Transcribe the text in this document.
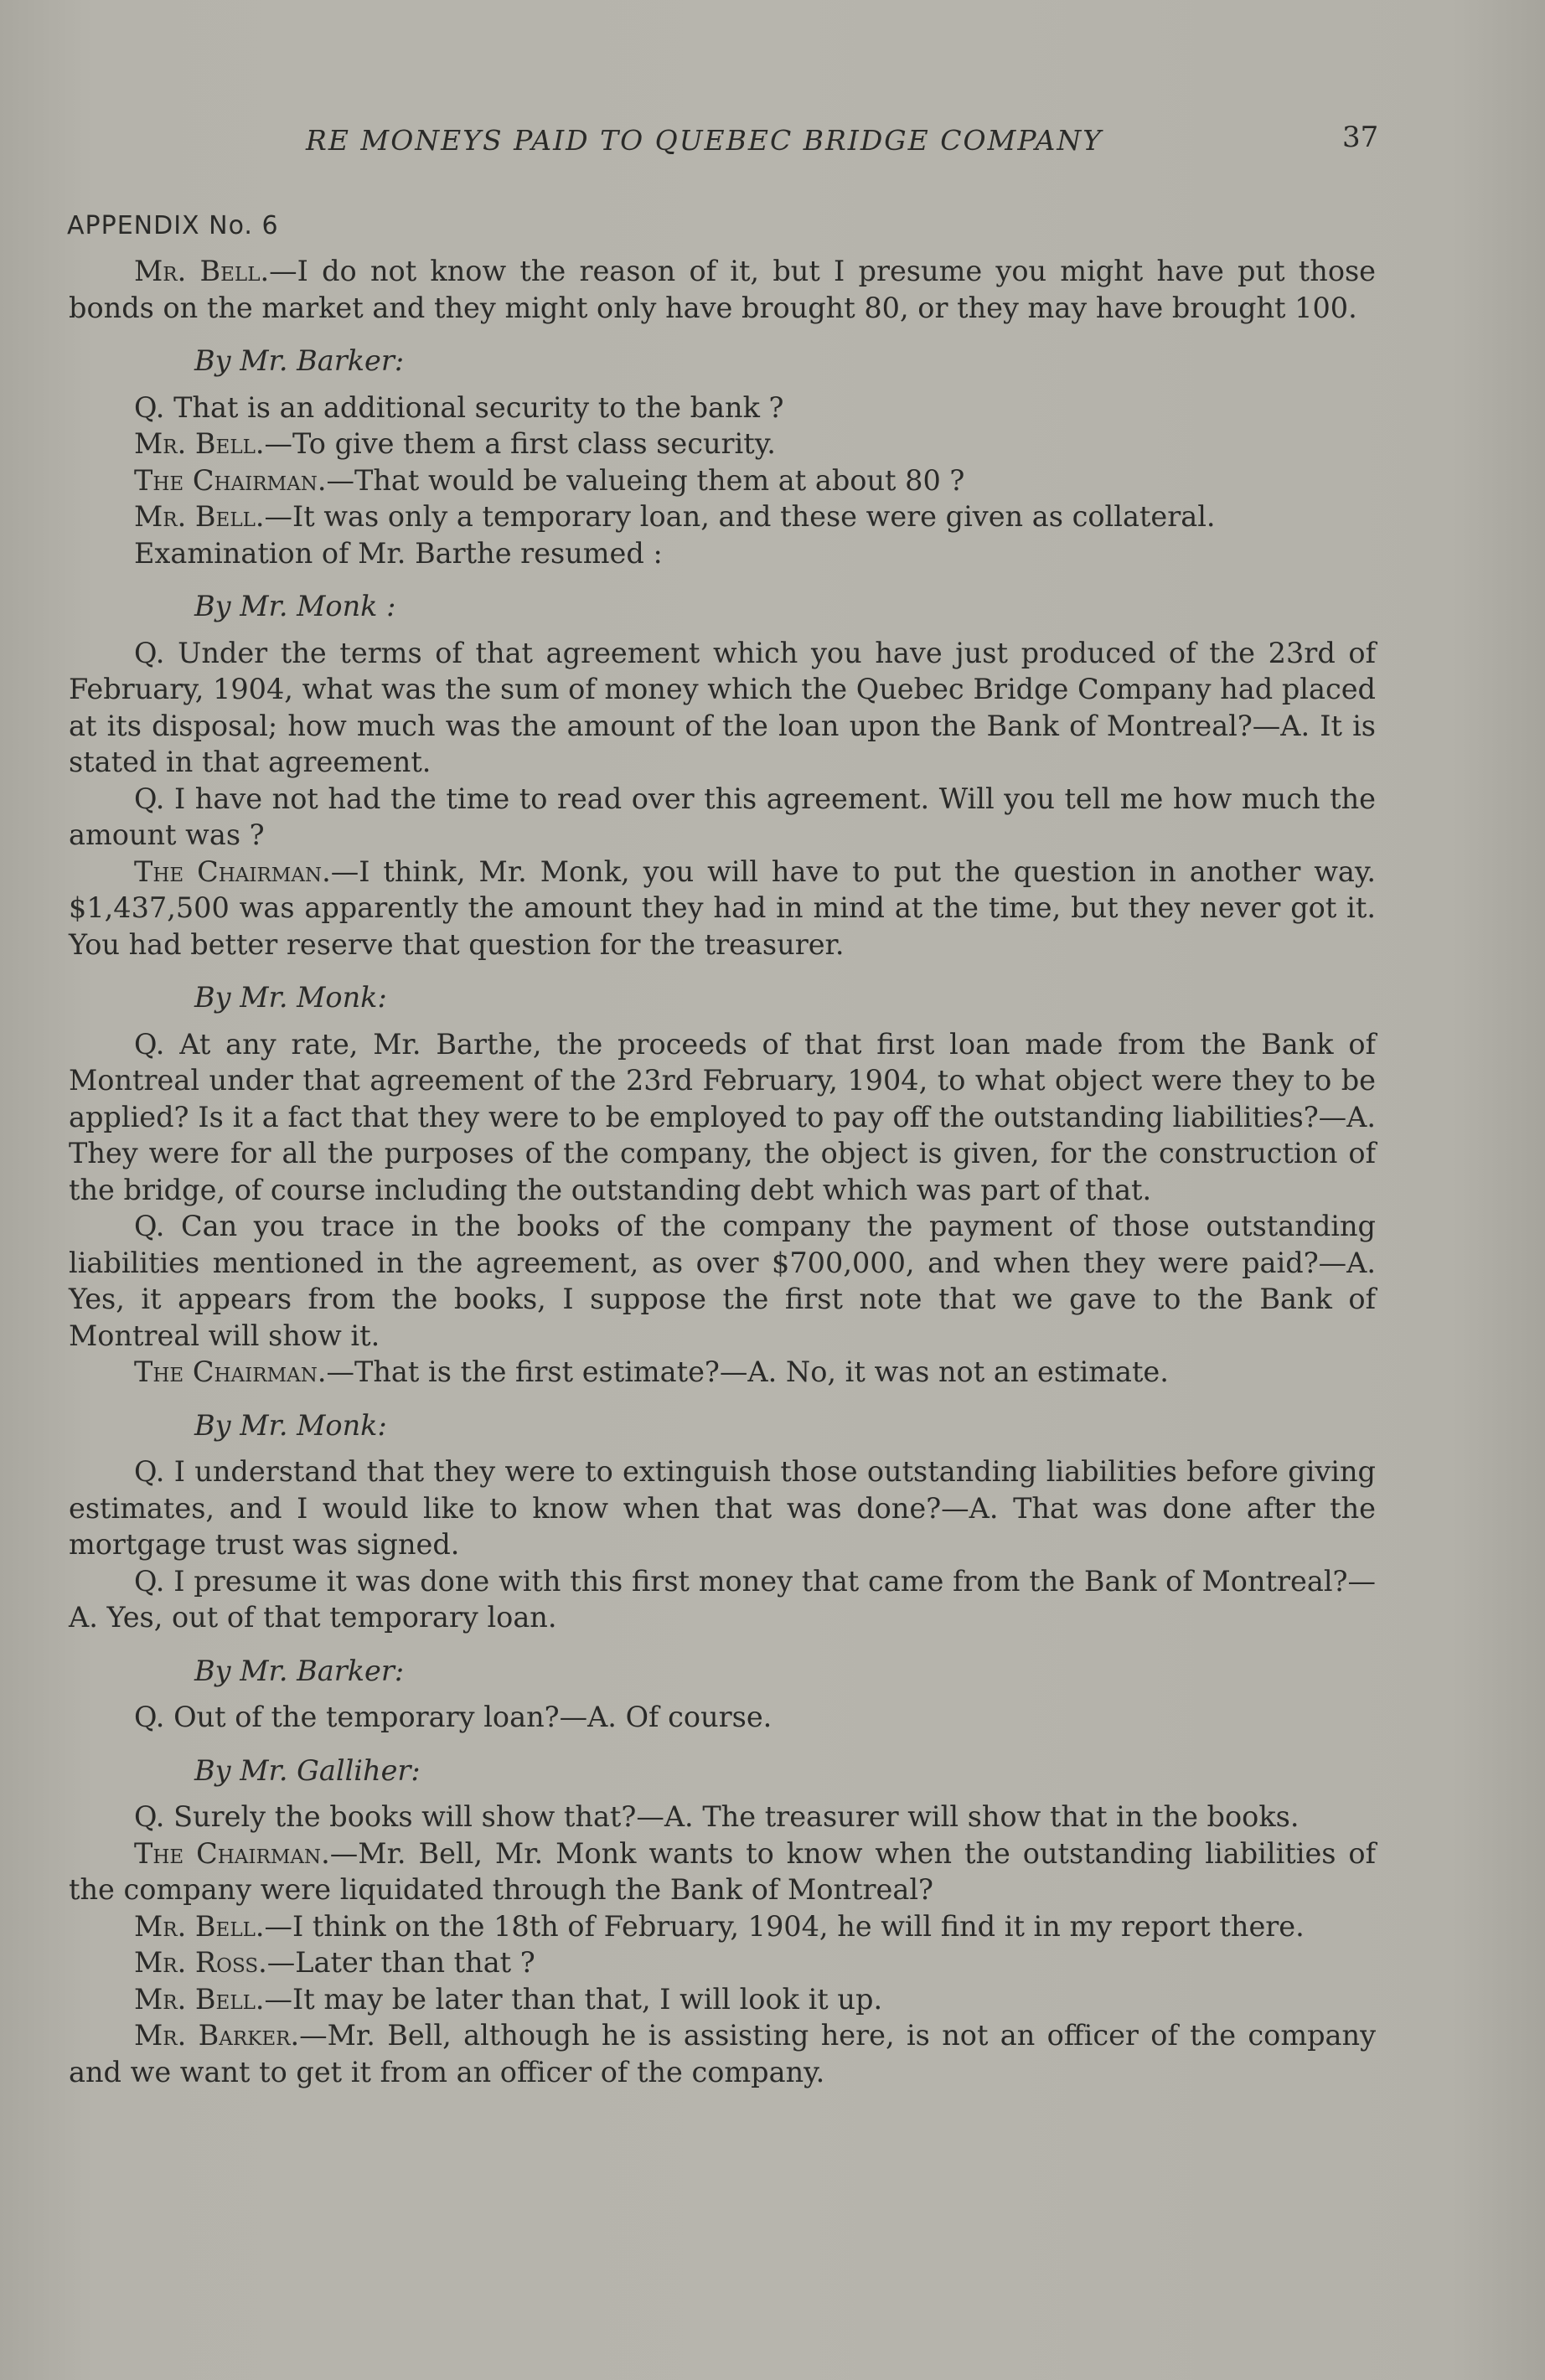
RE MONEYS PAID TO QUEBEC BRIDGE COMPANY	37
APPENDIX No. 6

Mr. Bell.—I do not know the reason of it, but I presume you might have put those bonds on the market and they might only have brought 80, or they may have brought 100.

By Mr. Barker:

Q. That is an additional security to the bank ?

Mr. Bell.—To give them a first class security.

The Chairman.—That would be valueing them at about 80 ?

Mr. Bell.—It was only a temporary loan, and these were given as collateral.

Examination of Mr. Barthe resumed :

By Mr. Monk :

Q. Under the terms of that agreement which you have just produced of the 23rd of February, 1904, what was the sum of money which the Quebec Bridge Company had placed at its disposal; how much was the amount of the loan upon the Bank of Montreal?—A. It is stated in that agreement.

Q. I have not had the time to read over this agreement. Will you tell me how much the amount was ?

The Chairman.—I think, Mr. Monk, you will have to put the question in another way. $1,437,500 was apparently the amount they had in mind at the time, but they never got it. You had better reserve that question for the treasurer.

By Mr. Monk:

Q. At any rate, Mr. Barthe, the proceeds of that first loan made from the Bank of Montreal under that agreement of the 23rd February, 1904, to what object were they to be applied? Is it a fact that they were to be employed to pay off the outstanding liabilities?—A. They were for all the purposes of the company, the object is given, for the construction of the bridge, of course including the outstanding debt which was part of that.

Q. Can you trace in the books of the company the payment of those outstanding liabilities mentioned in the agreement, as over $700,000, and when they were paid?—A. Yes, it appears from the books, I suppose the first note that we gave to the Bank of Montreal will show it.

The Chairman.—That is the first estimate?—A. No, it was not an estimate.

By Mr. Monk:

Q. I understand that they were to extinguish those outstanding liabilities before giving estimates, and I would like to know when that was done?—A. That was done after the mortgage trust was signed.

Q. I presume it was done with this first money that came from the Bank of Montreal?—A. Yes, out of that temporary loan.

By Mr. Barker:

Q. Out of the temporary loan?—A. Of course.

By Mr. Galliher:

Q. Surely the books will show that?—A. The treasurer will show that in the books.

The Chairman.—Mr. Bell, Mr. Monk wants to know when the outstanding liabilities of the company were liquidated through the Bank of Montreal?

Mr. Bell.—I think on the 18th of February, 1904, he will find it in my report there.

Mr. Ross.—Later than that ?

Mr. Bell.—It may be later than that, I will look it up.

Mr. Barker.—Mr. Bell, although he is assisting here, is not an officer of the company and we want to get it from an officer of the company.
